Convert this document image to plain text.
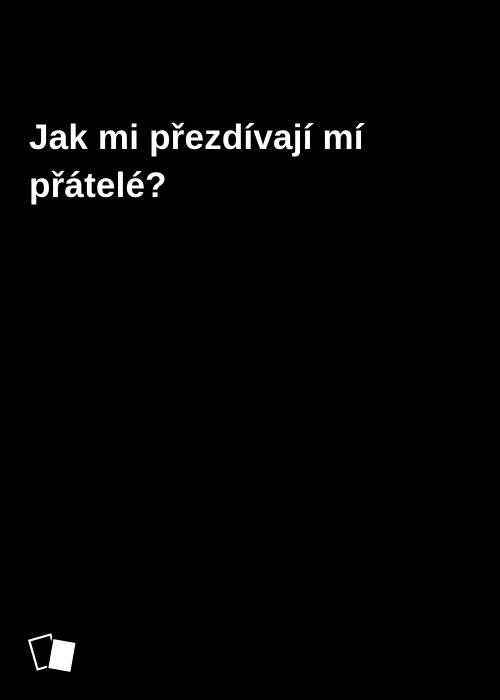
Jak mi přezdívají mí přátelé?
